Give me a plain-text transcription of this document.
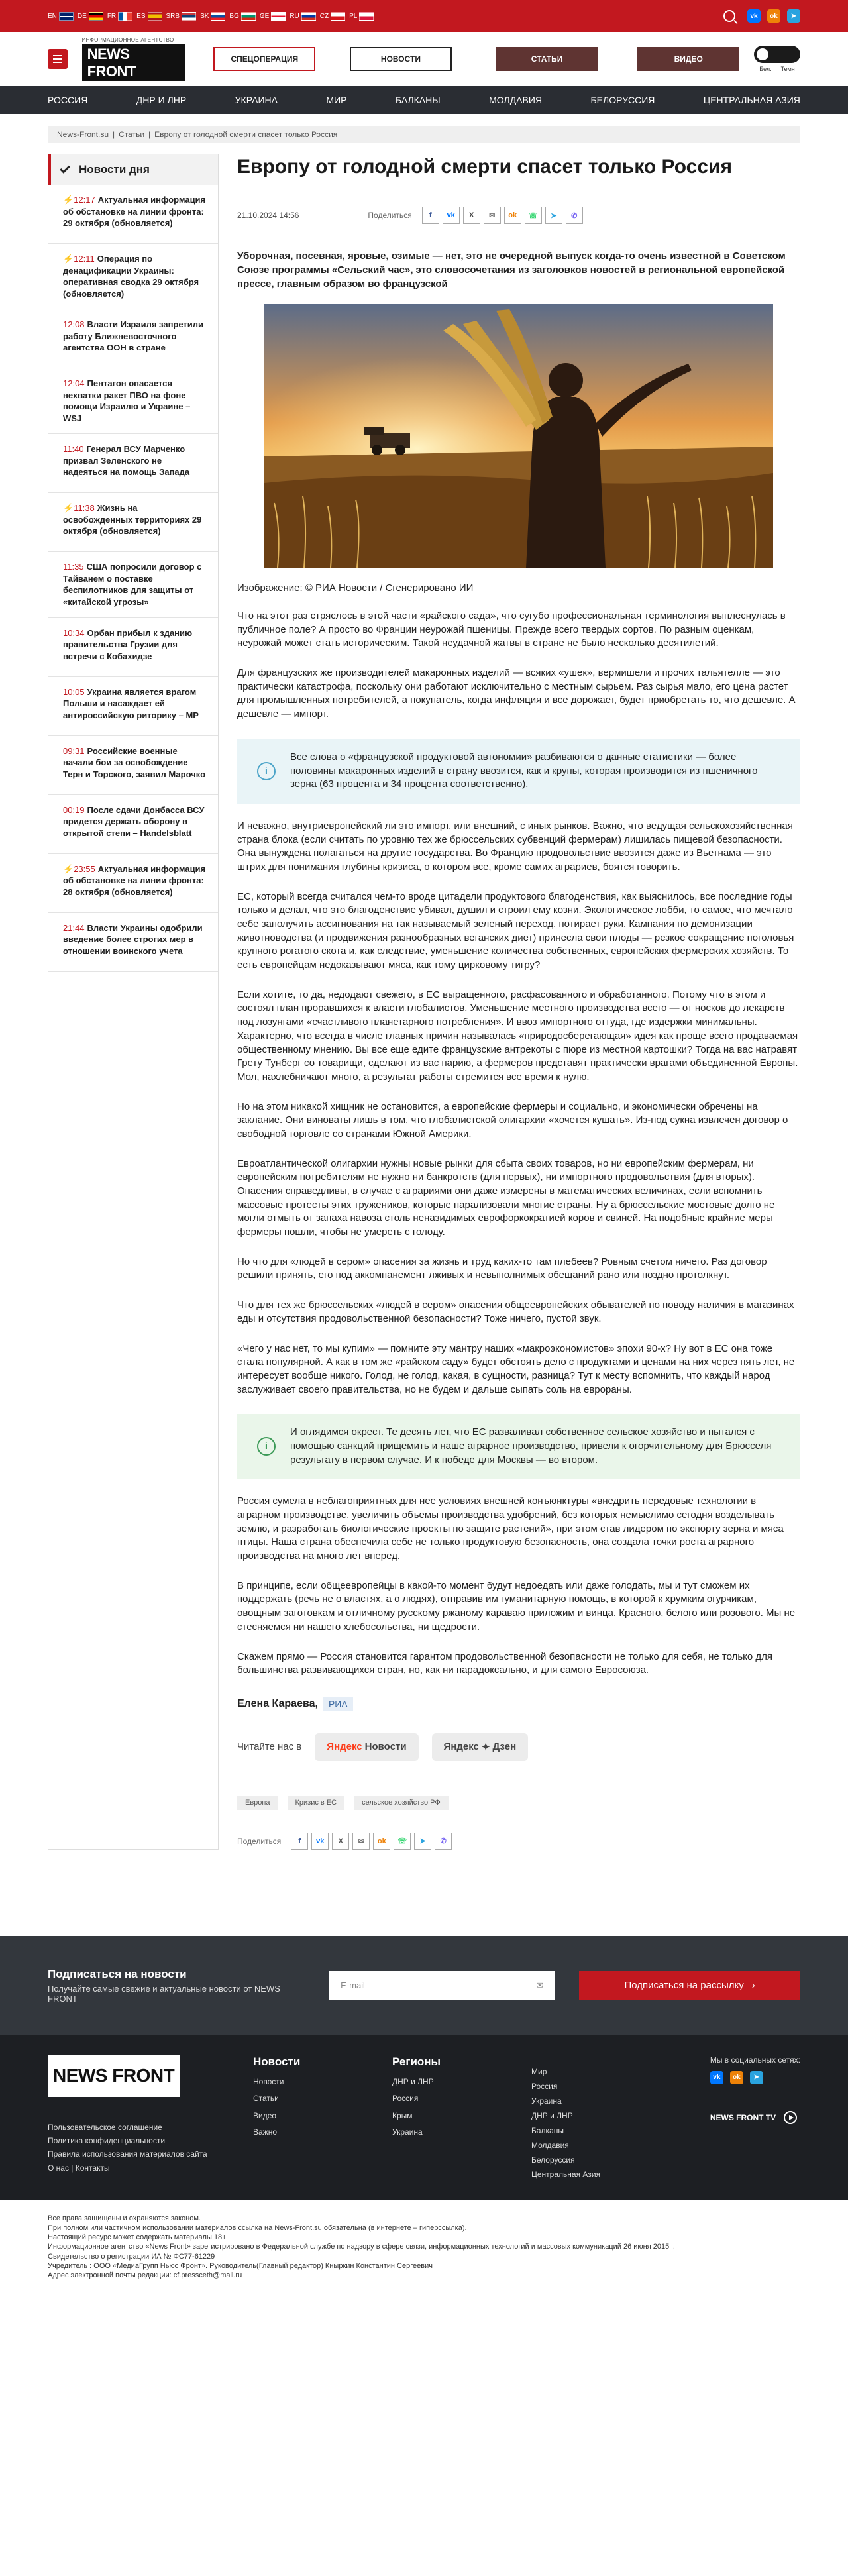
EN	DE	FR	ES	SRB	SK	BG	GE	RU	CZ	PL	vk	ok	➤
ИНФОРМАЦИОННОЕ АГЕНТСТВО
NEWS FRONT
СПЕЦОПЕРАЦИЯ	НОВОСТИ	СТАТЬИ	ВИДЕО
Бел. Темн
РОССИЯ	ДНР И ЛНР	УКРАИНА	МИР	БАЛКАНЫ	МОЛДАВИЯ	БЕЛОРУССИЯ	ЦЕНТРАЛЬНАЯ АЗИЯ
News-Front.su | Статьи | Европу от голодной смерти спасет только Россия
Новости дня
⚡12:17 Актуальная информация об обстановке на линии фронта: 29 октября (обновляется)
⚡12:11 Операция по денацификации Украины: оперативная сводка 29 октября (обновляется)
12:08 Власти Израиля запретили работу Ближневосточного агентства ООН в стране
12:04 Пентагон опасается нехватки ракет ПВО на фоне помощи Израилю и Украине – WSJ
11:40 Генерал ВСУ Марченко призвал Зеленского не надеяться на помощь Запада
⚡11:38 Жизнь на освобожденных территориях 29 октября (обновляется)
11:35 США попросили договор с Тайванем о поставке беспилотников для защиты от «китайской угрозы»
10:34 Орбан прибыл к зданию правительства Грузии для встречи с Кобахидзе
10:05 Украина является врагом Польши и насаждает ей антироссийскую риторику – МР
09:31 Российские военные начали бои за освобождение Терн и Торского, заявил Марочко
00:19 После сдачи Донбасса ВСУ придется держать оборону в открытой степи – Handelsblatt
⚡23:55 Актуальная информация об обстановке на линии фронта: 28 октября (обновляется)
21:44 Власти Украины одобрили введение более строгих мер в отношении воинского учета
Европу от голодной смерти спасет только Россия
21.10.2024 14:56	Поделиться	f	vk	X	✉	ok	☏	➤	✆

Уборочная, посевная, яровые, озимые — нет, это не очередной выпуск когда-то очень известной в Советском Союзе программы «Сельский час», это словосочетания из заголовков новостей в региональной европейской прессе, главным образом во французской

Изображение: © РИА Новости / Сгенерировано ИИ

Что на этот раз стряслось в этой части «райского сада», что сугубо профессиональная терминология выплеснулась в публичное поле? А просто во Франции неурожай пшеницы. Прежде всего твердых сортов. По разным оценкам, неурожай может стать историческим. Такой неудачной жатвы в стране не было несколько десятилетий.

Для французских же производителей макаронных изделий — всяких «ушек», вермишели и прочих тальятелле — это практически катастрофа, поскольку они работают исключительно с местным сырьем. Раз сырья мало, его цена растет для промышленных потребителей, а покупатель, когда инфляция и все дорожает, будет приобретать то, что дешевле. А дешевле — импорт.

i
Все слова о «французской продуктовой автономии» разбиваются о данные статистики — более половины макаронных изделий в страну ввозится, как и крупы, которая производится из пшеничного зерна (63 процента и 34 процента соответственно).

И неважно, внутриевропейский ли это импорт, или внешний, с иных рынков. Важно, что ведущая сельскохозяйственная страна блока (если считать по уровню тех же брюссельских субвенций фермерам) лишилась пищевой безопасности. Она вынуждена полагаться на другие государства. Во Францию продовольствие ввозится даже из Вьетнама — это штрих для понимания глубины кризиса, о котором все, кроме самих аграриев, боятся говорить.

ЕС, который всегда считался чем-то вроде цитадели продуктового благоденствия, как выяснилось, все последние годы только и делал, что это благоденствие убивал, душил и строил ему козни. Экологическое лобби, то самое, что мечтало себе заполучить ассигнования на так называемый зеленый переход, потирает руки. Кампания по демонизации животноводства (и продвижения разнообразных веганских диет) принесла свои плоды — резкое сокращение поголовья крупного рогатого скота и, как следствие, уменьшение количества собственных, европейских фермерских хозяйств. То есть европейцам недоказывают мяса, как тому цирковому тигру?

Если хотите, то да, недодают свежего, в ЕС выращенного, расфасованного и обработанного. Потому что в этом и состоял план проравшихся к власти глобалистов. Уменьшение местного производства всего — от носков до лекарств под лозунгами «счастливого планетарного потребления». И ввоз импортного оттуда, где издержки минимальны. Характерно, что всегда в числе главных причин называлась «природосберегающая» идея как проще всего продаваемая общественному мнению. Вы все еще едите французские антрекоты с пюре из местной картошки? Тогда на вас натравят Грету Тунберг со товарищи, сделают из вас парию, а фермеров представят практически врагами объединенной Европы. Мол, нахлебничают много, а результат работы стремится все время к нулю.

Но на этом никакой хищник не остановится, а европейские фермеры и социально, и экономически обречены на заклание. Они виноваты лишь в том, что глобалистской олигархии «хочется кушать». Из-под сукна извлечен договор о свободной торговле со странами Южной Америки.

Евроатлантической олигархии нужны новые рынки для сбыта своих товаров, но ни европейским фермерам, ни европейским потребителям не нужно ни банкротств (для первых), ни импортного продовольствия (для вторых). Опасения справедливы, в случае с аграриями они даже измерены в математических величинах, если вспомнить массовые протесты этих тружеников, которые парализовали многие страны. Ну а брюссельские мостовые долго не могли отмыть от запаха навоза столь неназидимых еврофоркократией коров и свиней. На подобные крайние меры фермеры пошли, чтобы не умереть с голоду.

Но что для «людей в сером» опасения за жизнь и труд каких-то там плебеев? Ровным счетом ничего. Раз договор решили принять, его под аккомпанемент лживых и невыполнимых обещаний рано или поздно протолкнут.

Что для тех же брюссельских «людей в сером» опасения общеевропейских обывателей по поводу наличия в магазинах еды и отсутствия продовольственной безопасности? Тоже ничего, пустой звук.

«Чего у нас нет, то мы купим» — помните эту мантру наших «макроэкономистов» эпохи 90-х? Ну вот в ЕС она тоже стала популярной. А как в том же «райском саду» будет обстоять дело с продуктами и ценами на них через пять лет, не интересует вообще никого. Голод, не голод, какая, в сущности, разница? Тут к месту вспомнить, что каждый народ заслуживает своего правительства, но не будем и дальше сыпать соль на еврораны.

i
И оглядимся окрест. Те десять лет, что ЕС разваливал собственное сельское хозяйство и пытался с помощью санкций прищемить и наше аграрное производство, привели к огорчительному для Брюсселя результату в первом случае. И к победе для Москвы — во втором.

Россия сумела в неблагоприятных для нее условиях внешней конъюнктуры «внедрить передовые технологии в аграрном производстве, увеличить объемы производства удобрений, без которых немыслимо сегодня возделывать землю, и разработать биологические проекты по защите растений», при этом став лидером по экспорту зерна и мяса птицы. Наша страна обеспечила себе не только продуктовую безопасность, она создала точки роста аграрного производства на много лет вперед.

В принципе, если общеевропейцы в какой-то момент будут недоедать или даже голодать, мы и тут сможем их поддержать (речь не о властях, а о людях), отправив им гуманитарную помощь, в которой к хрумким огурчикам, овощным заготовкам и отличному русскому ржаному караваю приложим и винца. Красного, белого или розового. Мы не стесняемся ни нашего хлебосольства, ни щедрости.

Скажем прямо — Россия становится гарантом продовольственной безопасности не только для себя, не только для большинства развивающихся стран, но, как ни парадоксально, и для самого Евросоюза.

Елена Караева,	РИА
Читайте нас в	Яндекс Новости	Яндекс ✦ Дзен
Европа	Кризис в ЕС	сельское хозяйство РФ
Поделиться	f	vk	X	✉	ok	☏	➤	✆
Подписаться на новости

Получайте самые свежие и актуальные новости от NEWS FRONT

E-mail	✉	Подписаться на рассылку ›
NEWS FRONT
Пользовательское соглашение
Политика конфиденциальности
Правила использования материалов сайта
О нас | Контакты
Новости
Новости
Статьи
Видео
Важно
Регионы
ДНР и ЛНР
Россия
Крым
Украина
Мир
Россия
Украина
ДНР и ЛНР
Балканы
Молдавия
Белоруссия
Центральная Азия
Мы в социальных сетях:
vk	ok	➤
NEWS FRONT TV
Все права защищены и охраняются законом.
При полном или частичном использовании материалов ссылка на News-Front.su обязательна (в интернете – гиперссылка).
Настоящий ресурс может содержать материалы 18+
Информационное агентство «News Front» зарегистрировано в Федеральной службе по надзору в сфере связи, информационных технологий и массовых коммуникаций 26 июня 2015 г.
Свидетельство о регистрации ИА № ФС77-61229
Учредитель : ООО «МедиаГрупп Ньюс Фронт». Руководитель(Главный редактор) Кныркин Константин Сергеевич
Адрес электронной почты редакции: cf.pressceth@mail.ru
